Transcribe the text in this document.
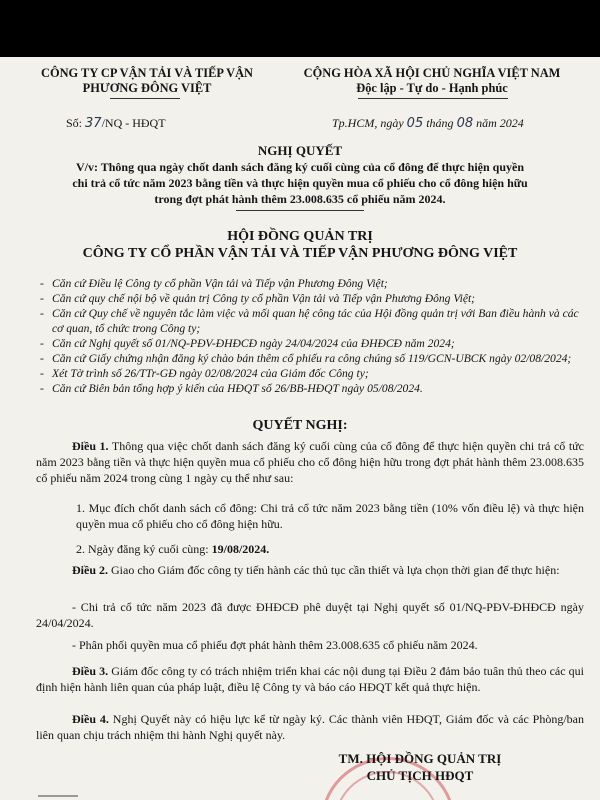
CÔNG TY CP VẬN TẢI VÀ TIẾP VẬN
PHƯƠNG ĐÔNG VIỆT
CỘNG HÒA XÃ HỘI CHỦ NGHĨA VIỆT NAM
Độc lập - Tự do - Hạnh phúc
Số: 37/NQ - HĐQT	Tp.HCM, ngày 05 tháng 08 năm 2024
NGHỊ QUYẾT
V/v: Thông qua ngày chốt danh sách đăng ký cuối cùng của cổ đông để thực hiện quyền
chi trả cổ tức năm 2023 bằng tiền và thực hiện quyền mua cổ phiếu cho cổ đông hiện hữu
trong đợt phát hành thêm 23.008.635 cổ phiếu năm 2024.
HỘI ĐỒNG QUẢN TRỊ
CÔNG TY CỔ PHẦN VẬN TẢI VÀ TIẾP VẬN PHƯƠNG ĐÔNG VIỆT
- Căn cứ Điều lệ Công ty cổ phần Vận tải và Tiếp vận Phương Đông Việt;
- Căn cứ quy chế nội bộ về quản trị Công ty cổ phần Vận tải và Tiếp vận Phương Đông Việt;
- Căn cứ Quy chế về nguyên tắc làm việc và mối quan hệ công tác của Hội đồng quản trị với Ban điều hành và các cơ quan, tổ chức trong Công ty;
- Căn cứ Nghị quyết số 01/NQ-PĐV-ĐHĐCĐ ngày 24/04/2024 của ĐHĐCĐ năm 2024;
- Căn cứ Giấy chứng nhận đăng ký chào bán thêm cổ phiếu ra công chúng số 119/GCN-UBCK ngày 02/08/2024;
- Xét Tờ trình số 26/TTr-GĐ ngày 02/08/2024 của Giám đốc Công ty;
- Căn cứ Biên bản tổng hợp ý kiến của HĐQT số 26/BB-HĐQT ngày 05/08/2024.
QUYẾT NGHỊ:
Điều 1. Thông qua việc chốt danh sách đăng ký cuối cùng của cổ đông để thực hiện quyền chi trả cổ tức năm 2023 bằng tiền và thực hiện quyền mua cổ phiếu cho cổ đông hiện hữu trong đợt phát hành thêm 23.008.635 cổ phiếu năm 2024 trong cùng 1 ngày cụ thể như sau:
1. Mục đích chốt danh sách cổ đông: Chi trả cổ tức năm 2023 bằng tiền (10% vốn điều lệ) và thực hiện quyền mua cổ phiếu cho cổ đông hiện hữu.
2. Ngày đăng ký cuối cùng: 19/08/2024.
Điều 2. Giao cho Giám đốc công ty tiến hành các thủ tục cần thiết và lựa chọn thời gian để thực hiện:
- Chi trả cổ tức năm 2023 đã được ĐHĐCĐ phê duyệt tại Nghị quyết số 01/NQ-PĐV-ĐHĐCĐ ngày 24/04/2024.
- Phân phối quyền mua cổ phiếu đợt phát hành thêm 23.008.635 cổ phiếu năm 2024.
Điều 3. Giám đốc công ty có trách nhiệm triển khai các nội dung tại Điều 2 đảm bảo tuân thủ theo các qui định hiện hành liên quan của pháp luật, điều lệ Công ty và báo cáo HĐQT kết quả thực hiện.
Điều 4. Nghị Quyết này có hiệu lực kể từ ngày ký. Các thành viên HĐQT, Giám đốc và các Phòng/ban liên quan chịu trách nhiệm thi hành Nghị quyết này.
TM. HỘI ĐỒNG QUẢN TRỊ
CHỦ TỊCH HĐQT
